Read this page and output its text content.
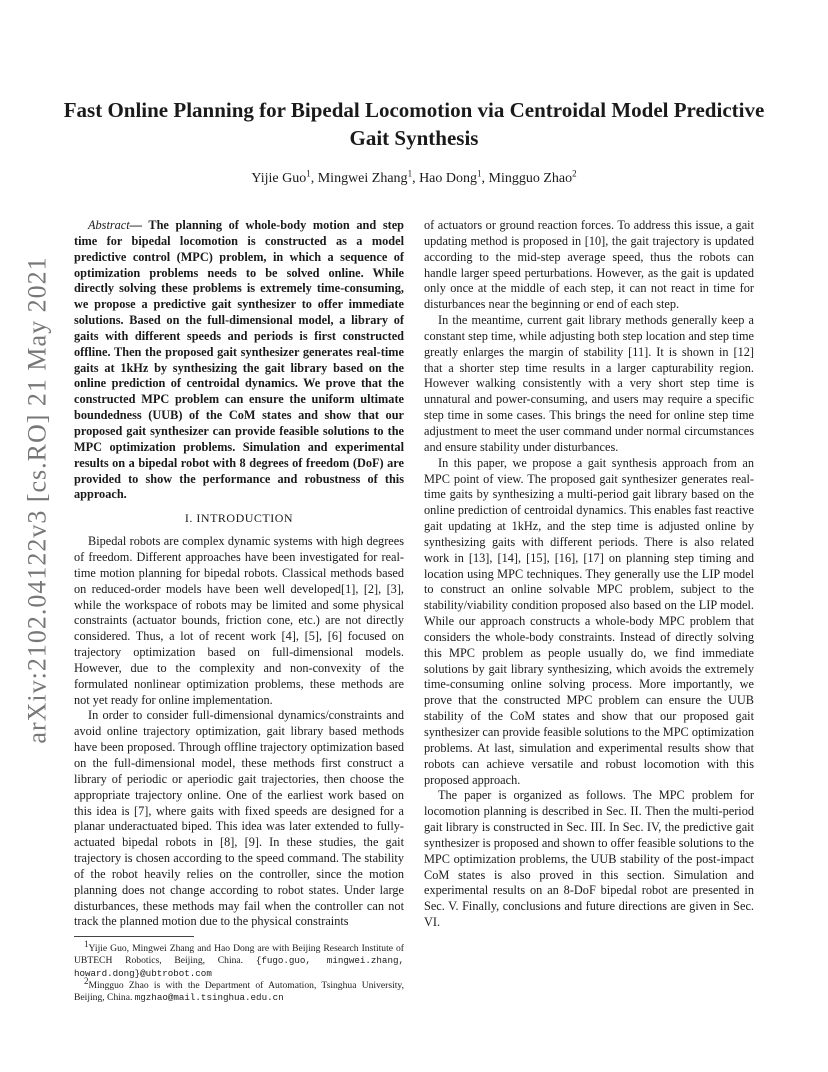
arXiv:2102.04122v3 [cs.RO] 21 May 2021
Fast Online Planning for Bipedal Locomotion via Centroidal Model Predictive Gait Synthesis
Yijie Guo$^1$, Mingwei Zhang$^1$, Hao Dong$^1$, Mingguo Zhao$^2$

Abstract— The planning of whole-body motion and step time for bipedal locomotion is constructed as a model predictive control (MPC) problem, in which a sequence of optimization problems needs to be solved online. While directly solving these problems is extremely time-consuming, we propose a predictive gait synthesizer to offer immediate solutions. Based on the full-dimensional model, a library of gaits with different speeds and periods is first constructed offline. Then the proposed gait synthesizer generates real-time gaits at 1kHz by synthesizing the gait library based on the online prediction of centroidal dynamics. We prove that the constructed MPC problem can ensure the uniform ultimate boundedness (UUB) of the CoM states and show that our proposed gait synthesizer can provide feasible solutions to the MPC optimization problems. Simulation and experimental results on a bipedal robot with 8 degrees of freedom (DoF) are provided to show the performance and robustness of this approach.

I. INTRODUCTION

Bipedal robots are complex dynamic systems with high degrees of freedom. Different approaches have been investigated for real-time motion planning for bipedal robots. Classical methods based on reduced-order models have been well developed[1], [2], [3], while the workspace of robots may be limited and some physical constraints (actuator bounds, friction cone, etc.) are not directly considered. Thus, a lot of recent work [4], [5], [6] focused on trajectory optimization based on full-dimensional models. However, due to the complexity and non-convexity of the formulated nonlinear optimization problems, these methods are not yet ready for online implementation.

In order to consider full-dimensional dynamics/constraints and avoid online trajectory optimization, gait library based methods have been proposed. Through offline trajectory optimization based on the full-dimensional model, these methods first construct a library of periodic or aperiodic gait trajectories, then choose the appropriate trajectory online. One of the earliest work based on this idea is [7], where gaits with fixed speeds are designed for a planar underactuated biped. This idea was later extended to fully-actuated bipedal robots in [8], [9]. In these studies, the gait trajectory is chosen according to the speed command. The stability of the robot heavily relies on the controller, since the motion planning does not change according to robot states. Under large disturbances, these methods may fail when the controller can not track the planned motion due to the physical constraints

of actuators or ground reaction forces. To address this issue, a gait updating method is proposed in [10], the gait trajectory is updated according to the mid-step average speed, thus the robots can handle larger speed perturbations. However, as the gait is updated only once at the middle of each step, it can not react in time for disturbances near the beginning or end of each step.

In the meantime, current gait library methods generally keep a constant step time, while adjusting both step location and step time greatly enlarges the margin of stability [11]. It is shown in [12] that a shorter step time results in a larger capturability region. However walking consistently with a very short step time is unnatural and power-consuming, and users may require a specific step time in some cases. This brings the need for online step time adjustment to meet the user command under normal circumstances and ensure stability under disturbances.

In this paper, we propose a gait synthesis approach from an MPC point of view. The proposed gait synthesizer generates real-time gaits by synthesizing a multi-period gait library based on the online prediction of centroidal dynamics. This enables fast reactive gait updating at 1kHz, and the step time is adjusted online by synthesizing gaits with different periods. There is also related work in [13], [14], [15], [16], [17] on planning step timing and location using MPC techniques. They generally use the LIP model to construct an online solvable MPC problem, subject to the stability/viability condition proposed also based on the LIP model. While our approach constructs a whole-body MPC problem that considers the whole-body constraints. Instead of directly solving this MPC problem as people usually do, we find immediate solutions by gait library synthesizing, which avoids the extremely time-consuming online solving process. More importantly, we prove that the constructed MPC problem can ensure the UUB stability of the CoM states and show that our proposed gait synthesizer can provide feasible solutions to the MPC optimization problems. At last, simulation and experimental results show that robots can achieve versatile and robust locomotion with this proposed approach.

The paper is organized as follows. The MPC problem for locomotion planning is described in Sec. II. Then the multi-period gait library is constructed in Sec. III. In Sec. IV, the predictive gait synthesizer is proposed and shown to offer feasible solutions to the MPC optimization problems, the UUB stability of the post-impact CoM states is also proved in this section. Simulation and experimental results on an 8-DoF bipedal robot are presented in Sec. V. Finally, conclusions and future directions are given in Sec. VI.

$^1$Yijie Guo, Mingwei Zhang and Hao Dong are with Beijing Research Institute of UBTECH Robotics, Beijing, China. {fugo.guo, mingwei.zhang, howard.dong}@ubtrobot.com

$^2$Mingguo Zhao is with the Department of Automation, Tsinghua University, Beijing, China. mgzhao@mail.tsinghua.edu.cn
